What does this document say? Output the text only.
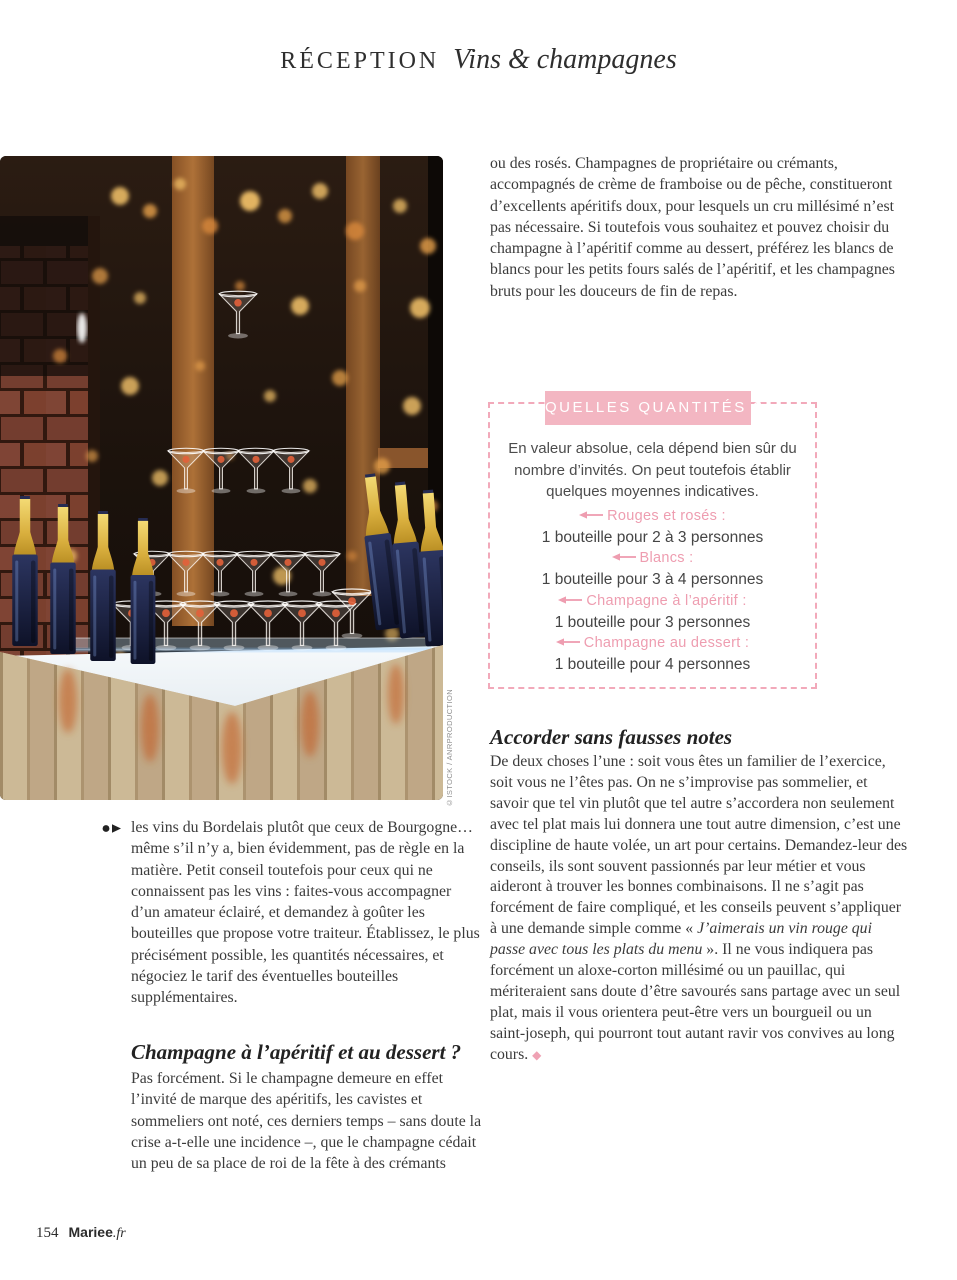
RÉCEPTION Vins & champagnes
©ISTOCK / ANRPRODUCTION

les vins du Bordelais plutôt que ceux de Bourgogne… même s’il n’y a, bien évidemment, pas de règle en la matière. Petit conseil toutefois pour ceux qui ne connaissent pas les vins : faites-vous accompagner d’un amateur éclairé, et demandez à goûter les bouteilles que propose votre traiteur. Établissez, le plus précisément possible, les quantités nécessaires, et négociez le tarif des éventuelles bouteilles supplémentaires.

Champagne à l’apéritif et au dessert ?

Pas forcément. Si le champagne demeure en effet l’invité de marque des apéritifs, les cavistes et sommeliers ont noté, ces derniers temps – sans doute la crise a-t-elle une incidence –, que le champagne cédait un peu de sa place de roi de la fête à des crémants

ou des rosés. Champagnes de propriétaire ou crémants, accompagnés de crème de framboise ou de pêche, constitueront d’excellents apéritifs doux, pour lesquels un cru millésimé n’est pas nécessaire. Si toutefois vous souhaitez et pouvez choisir du champagne à l’apéritif comme au dessert, préférez les blancs de blancs pour les petits fours salés de l’apéritif, et les champagnes bruts pour les douceurs de fin de repas.

QUELLES QUANTITÉS ?
En valeur absolue, cela dépend bien sûr du nombre d’invités. On peut toutefois établir quelques moyennes indicatives.
Rouges et rosés :
1 bouteille pour 2 à 3 personnes
Blancs :
1 bouteille pour 3 à 4 personnes
Champagne à l’apéritif :
1 bouteille pour 3 personnes
Champagne au dessert :
1 bouteille pour 4 personnes
Accorder sans fausses notes

De deux choses l’une : soit vous êtes un familier de l’exercice, soit vous ne l’êtes pas. On ne s’improvise pas sommelier, et savoir que tel vin plutôt que tel autre s’accordera non seulement avec tel plat mais lui donnera une tout autre dimension, c’est une discipline de haute volée, un art pour certains. Demandez-leur des conseils, ils sont souvent passionnés par leur métier et vous aideront à trouver les bonnes combinaisons. Il ne s’agit pas forcément de faire compliqué, et les conseils peuvent s’appliquer à une demande simple comme « J’aimerais un vin rouge qui passe avec tous les plats du menu ». Il ne vous indiquera pas forcément un aloxe-corton millésimé ou un pauillac, qui mériteraient sans doute d’être savourés sans partage avec un seul plat, mais il vous orientera peut-être vers un bourgueil ou un saint-joseph, qui pourront tout autant ravir vos convives au long cours. ◆

154 Mariee.fr
